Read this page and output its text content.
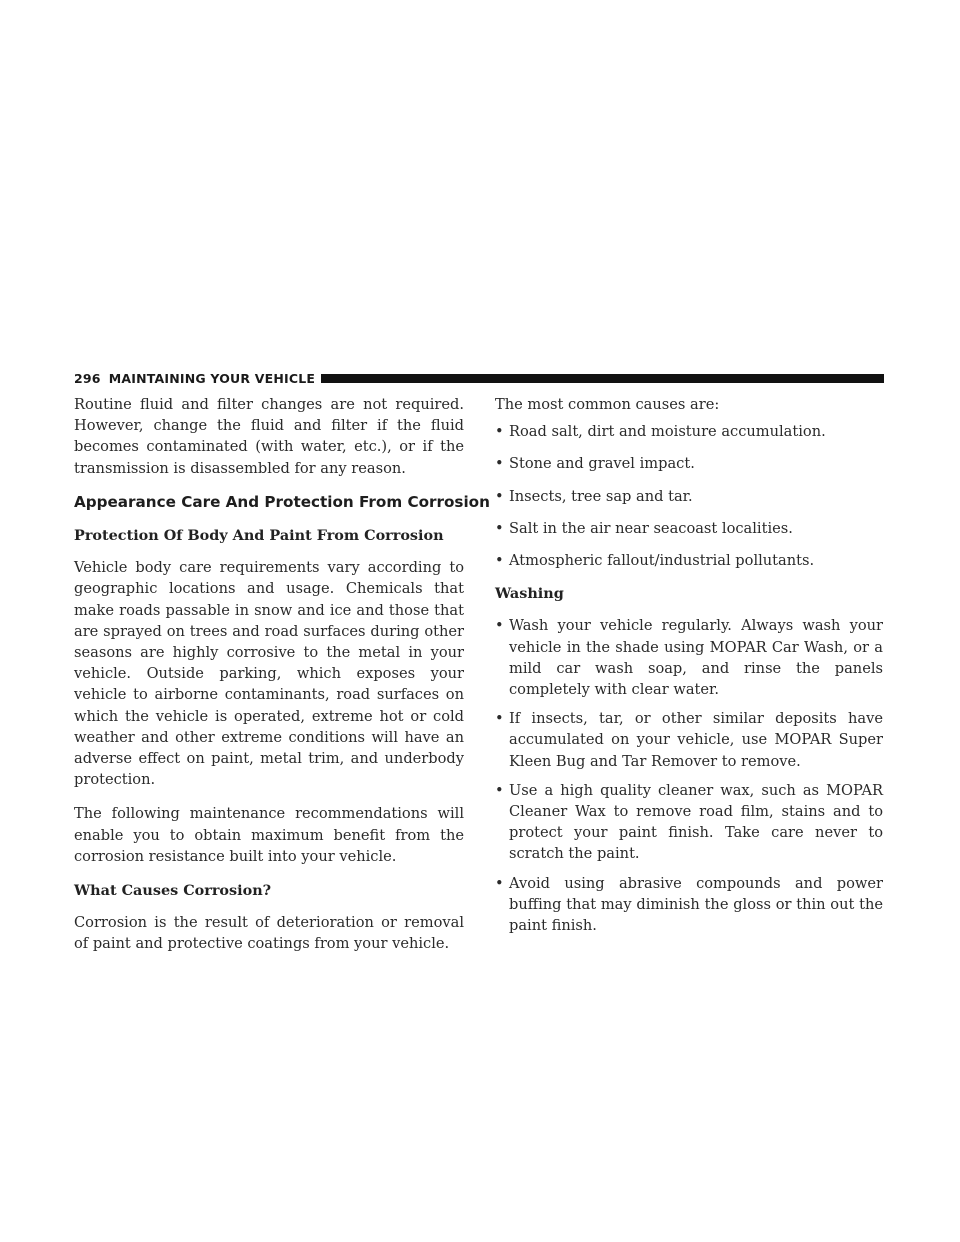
296 MAINTAINING YOUR VEHICLE

Routine fluid and filter changes are not required. However, change the fluid and filter if the fluid becomes contaminated (with water, etc.), or if the transmission is disassembled for any reason.

Appearance Care And Protection From Corrosion
Protection Of Body And Paint From Corrosion

Vehicle body care requirements vary according to geographic locations and usage. Chemicals that make roads passable in snow and ice and those that are sprayed on trees and road surfaces during other seasons are highly corrosive to the metal in your vehicle. Outside parking, which exposes your vehicle to airborne contaminants, road surfaces on which the vehicle is operated, extreme hot or cold weather and other extreme conditions will have an adverse effect on paint, metal trim, and underbody protection.

The following maintenance recommendations will enable you to obtain maximum benefit from the corrosion resistance built into your vehicle.

What Causes Corrosion?

Corrosion is the result of deterioration or removal of paint and protective coatings from your vehicle.

The most common causes are:

• Road salt, dirt and moisture accumulation.
• Stone and gravel impact.
• Insects, tree sap and tar.
• Salt in the air near seacoast localities.
• Atmospheric fallout/industrial pollutants.
Washing
• Wash your vehicle regularly. Always wash your vehicle in the shade using MOPAR Car Wash, or a mild car wash soap, and rinse the panels completely with clear water.
• If insects, tar, or other similar deposits have accumulated on your vehicle, use MOPAR Super Kleen Bug and Tar Remover to remove.
• Use a high quality cleaner wax, such as MOPAR Cleaner Wax to remove road film, stains and to protect your paint finish. Take care never to scratch the paint.
• Avoid using abrasive compounds and power buffing that may diminish the gloss or thin out the paint finish.
